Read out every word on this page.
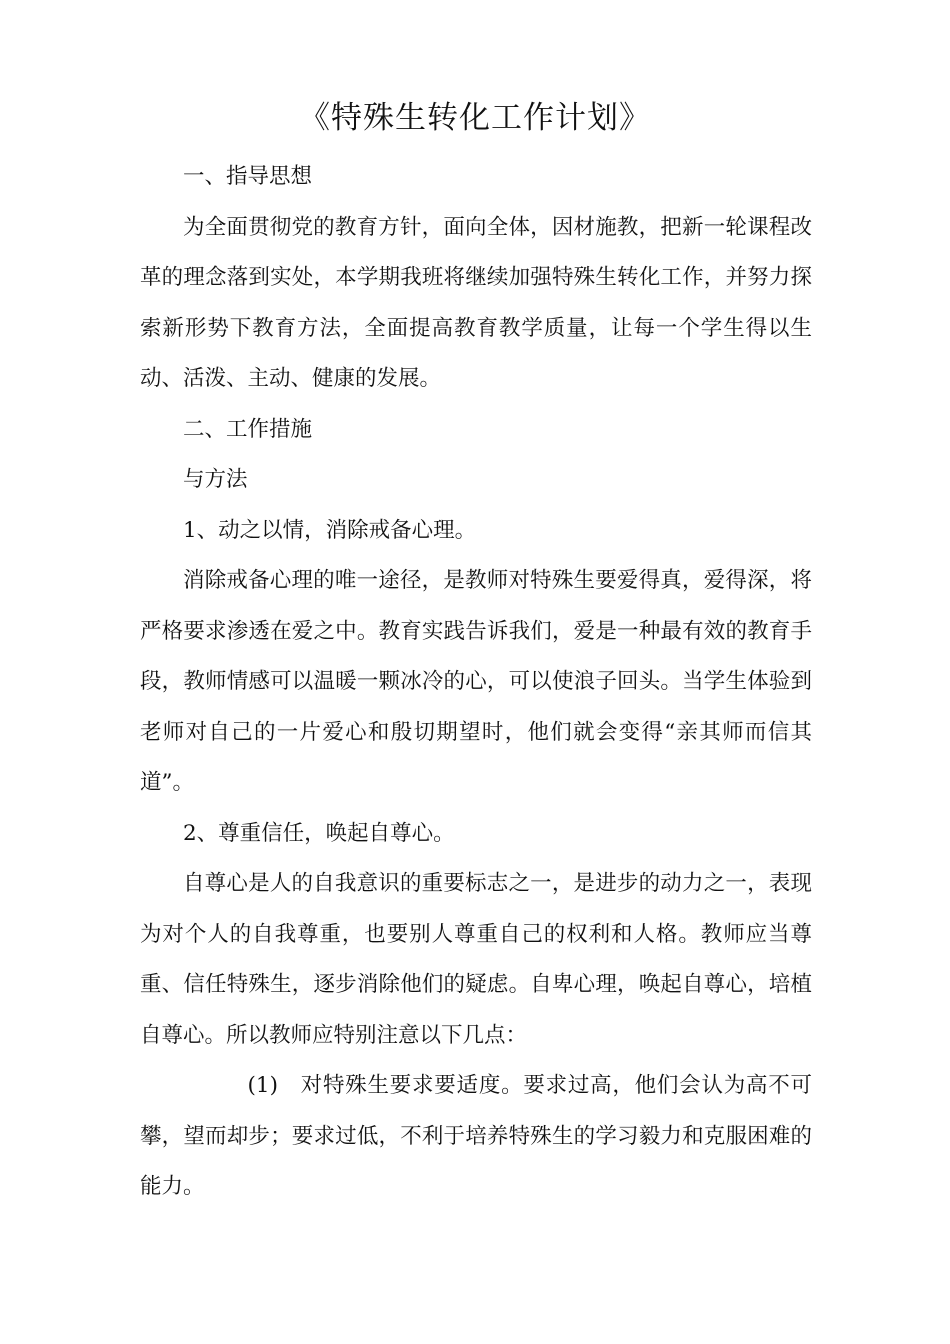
《特殊生转化工作计划》

一、指导思想

为全面贯彻党的教育方针，面向全体，因材施教，把新一轮课程改革的理念落到实处，本学期我班将继续加强特殊生转化工作，并努力探索新形势下教育方法，全面提高教育教学质量，让每一个学生得以生动、活泼、主动、健康的发展。

二、工作措施

与方法

1、动之以情，消除戒备心理。

消除戒备心理的唯一途径，是教师对特殊生要爱得真，爱得深，将严格要求渗透在爱之中。教育实践告诉我们，爱是一种最有效的教育手段，教师情感可以温暖一颗冰冷的心，可以使浪子回头。当学生体验到老师对自己的一片爱心和殷切期望时，他们就会变得“亲其师而信其道”。

2、尊重信任，唤起自尊心。

自尊心是人的自我意识的重要标志之一，是进步的动力之一，表现为对个人的自我尊重，也要别人尊重自己的权利和人格。教师应当尊重、信任特殊生，逐步消除他们的疑虑。自卑心理，唤起自尊心，培植自尊心。所以教师应特别注意以下几点：

(1) 对特殊生要求要适度。要求过高，他们会认为高不可攀，望而却步；要求过低，不利于培养特殊生的学习毅力和克服困难的能力。
